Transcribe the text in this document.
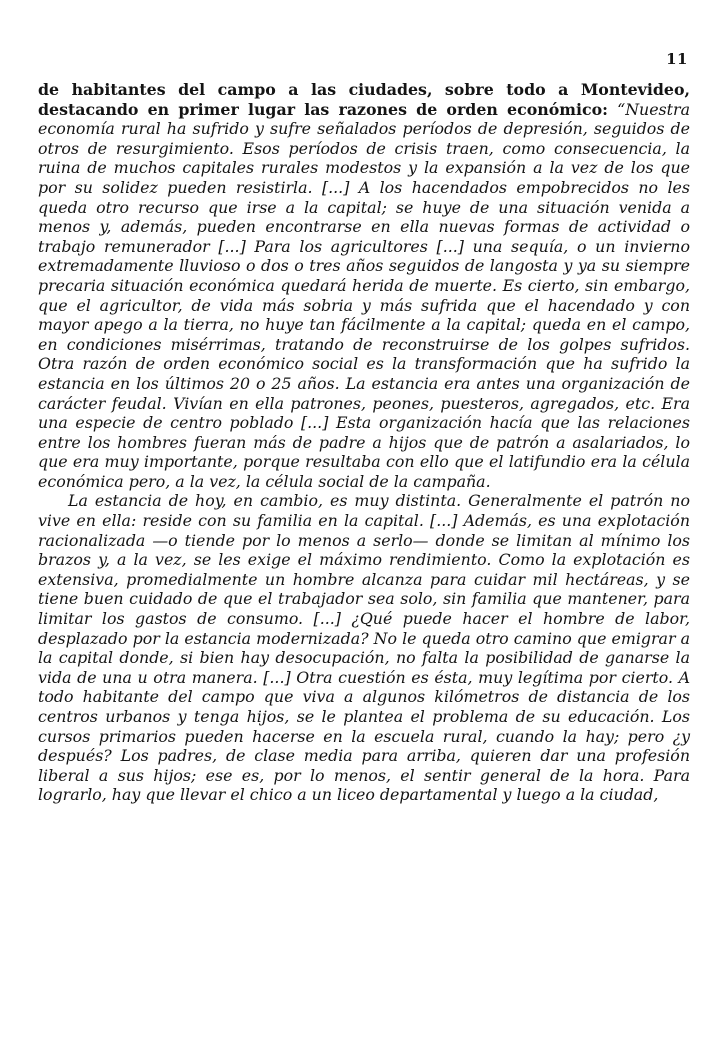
11

de habitantes del campo a las ciudades, sobre todo a Montevideo, destacando en primer lugar las razones de orden económico: “Nuestra economía rural ha sufrido y sufre señalados períodos de depresión, seguidos de otros de resurgimiento. Esos períodos de crisis traen, como consecuencia, la ruina de muchos capitales rurales modestos y la expansión a la vez de los que por su solidez pueden resistirla. [...] A los hacendados empobrecidos no les queda otro recurso que irse a la capital; se huye de una situación venida a menos y, además, pueden encontrarse en ella nuevas formas de actividad o trabajo remunerador [...] Para los agricultores [...] una sequía, o un invierno extremadamente lluvioso o dos o tres años seguidos de langosta y ya su siempre precaria situación económica quedará herida de muerte. Es cierto, sin embargo, que el agricultor, de vida más sobria y más sufrida que el hacendado y con mayor apego a la tierra, no huye tan fácilmente a la capital; queda en el campo, en condiciones misérrimas, tratando de reconstruirse de los golpes sufridos. Otra razón de orden económico social es la transformación que ha sufrido la estancia en los últimos 20 o 25 años. La estancia era antes una organización de carácter feudal. Vivían en ella patrones, peones, puesteros, agregados, etc. Era una especie de centro poblado [...] Esta organización hacía que las relaciones entre los hombres fueran más de padre a hijos que de patrón a asalariados, lo que era muy importante, porque resultaba con ello que el latifundio era la célula económica pero, a la vez, la célula social de la campaña.

La estancia de hoy, en cambio, es muy distinta. Generalmente el patrón no vive en ella: reside con su familia en la capital. [...] Además, es una explotación racionalizada —o tiende por lo menos a serlo— donde se limitan al mínimo los brazos y, a la vez, se les exige el máximo rendimiento. Como la explotación es extensiva, promedialmente un hombre alcanza para cuidar mil hectáreas, y se tiene buen cuidado de que el trabajador sea solo, sin familia que mantener, para limitar los gastos de consumo. [...] ¿Qué puede hacer el hombre de labor, desplazado por la estancia modernizada? No le queda otro camino que emigrar a la capital donde, si bien hay desocupación, no falta la posibilidad de ganarse la vida de una u otra manera. [...] Otra cuestión es ésta, muy legítima por cierto. A todo habitante del campo que viva a algunos kilómetros de distancia de los centros urbanos y tenga hijos, se le plantea el problema de su educación. Los cursos primarios pueden hacerse en la escuela rural, cuando la hay; pero ¿y después? Los padres, de clase media para arriba, quieren dar una profesión liberal a sus hijos; ese es, por lo menos, el sentir general de la hora. Para lograrlo, hay que llevar el chico a un liceo departamental y luego a la ciudad,
